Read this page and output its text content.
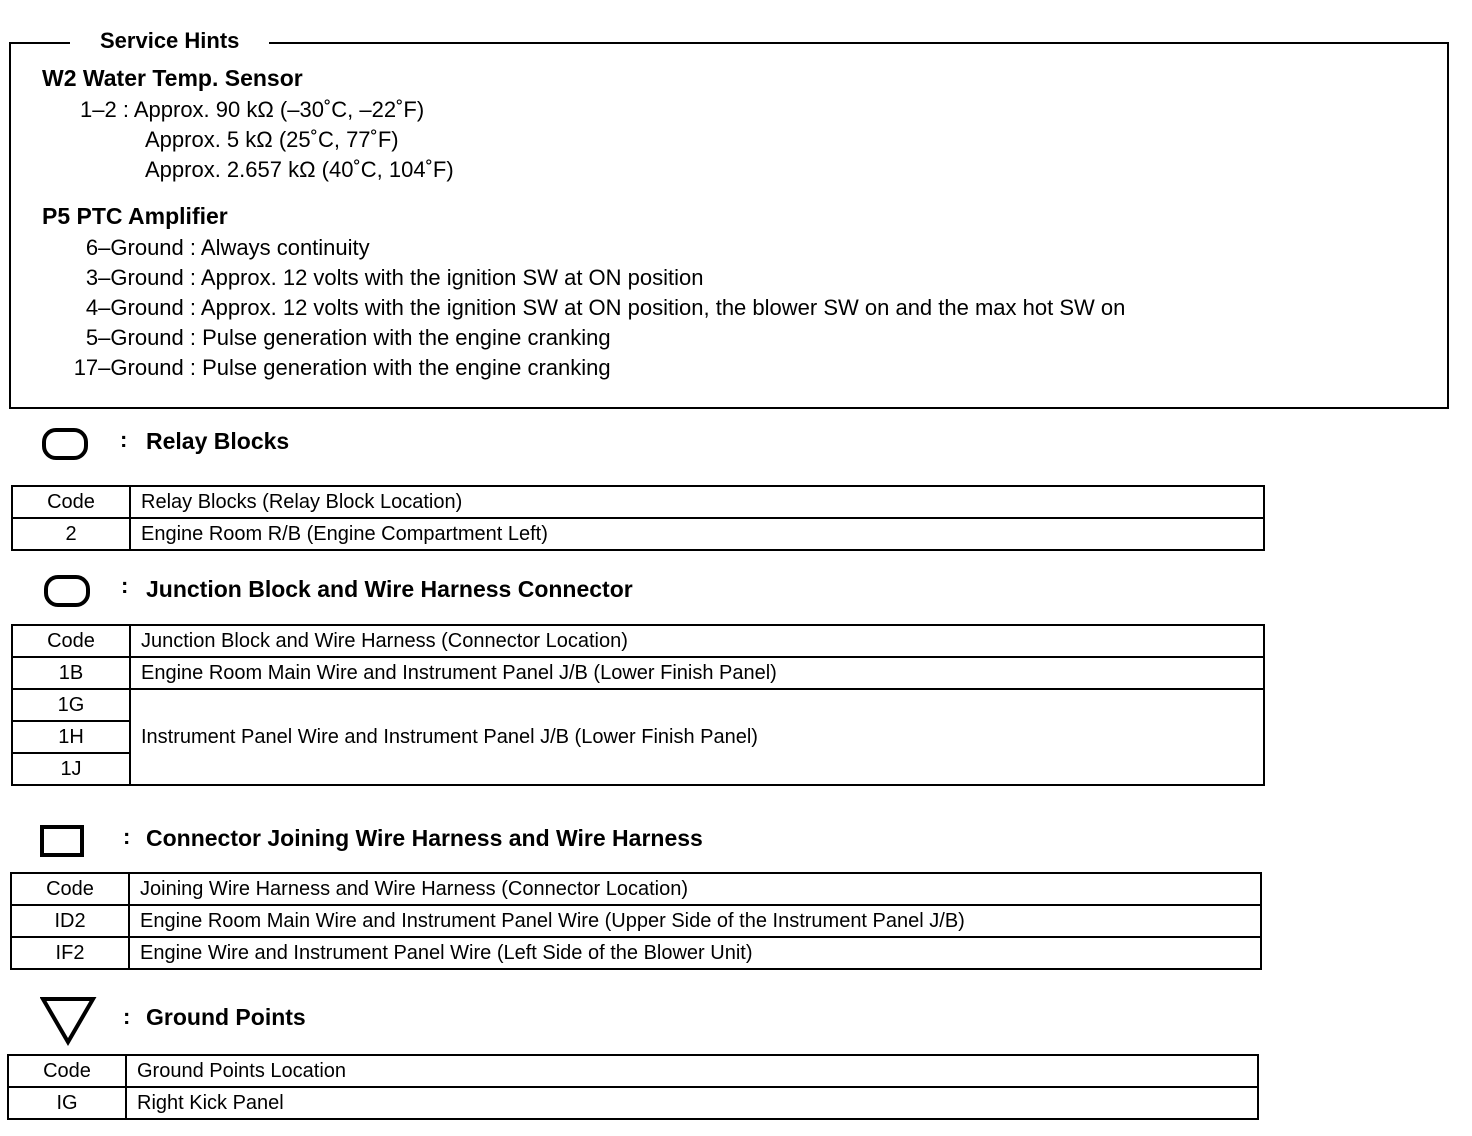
Service Hints
W2 Water Temp. Sensor
1–2 : Approx. 90 kΩ (–30˚C, –22˚F)
Approx. 5 kΩ (25˚C, 77˚F)
Approx. 2.657 kΩ (40˚C, 104˚F)
P5 PTC Amplifier
6–Ground : Always continuity
3–Ground : Approx. 12 volts with the ignition SW at ON position
4–Ground : Approx. 12 volts with the ignition SW at ON position, the blower SW on and the max hot SW on
5–Ground : Pulse generation with the engine cranking
17–Ground : Pulse generation with the engine cranking
: Relay Blocks
Code	Relay Blocks (Relay Block Location)
2	Engine Room R/B (Engine Compartment Left)
: Junction Block and Wire Harness Connector
Code	Junction Block and Wire Harness (Connector Location)
1B	Engine Room Main Wire and Instrument Panel J/B (Lower Finish Panel)
1G	Instrument Panel Wire and Instrument Panel J/B (Lower Finish Panel)
1H	
1J	
: Connector Joining Wire Harness and Wire Harness
Code	Joining Wire Harness and Wire Harness (Connector Location)
ID2	Engine Room Main Wire and Instrument Panel Wire (Upper Side of the Instrument Panel J/B)
IF2	Engine Wire and Instrument Panel Wire (Left Side of the Blower Unit)
: Ground Points
Code	Ground Points Location
IG	Right Kick Panel
